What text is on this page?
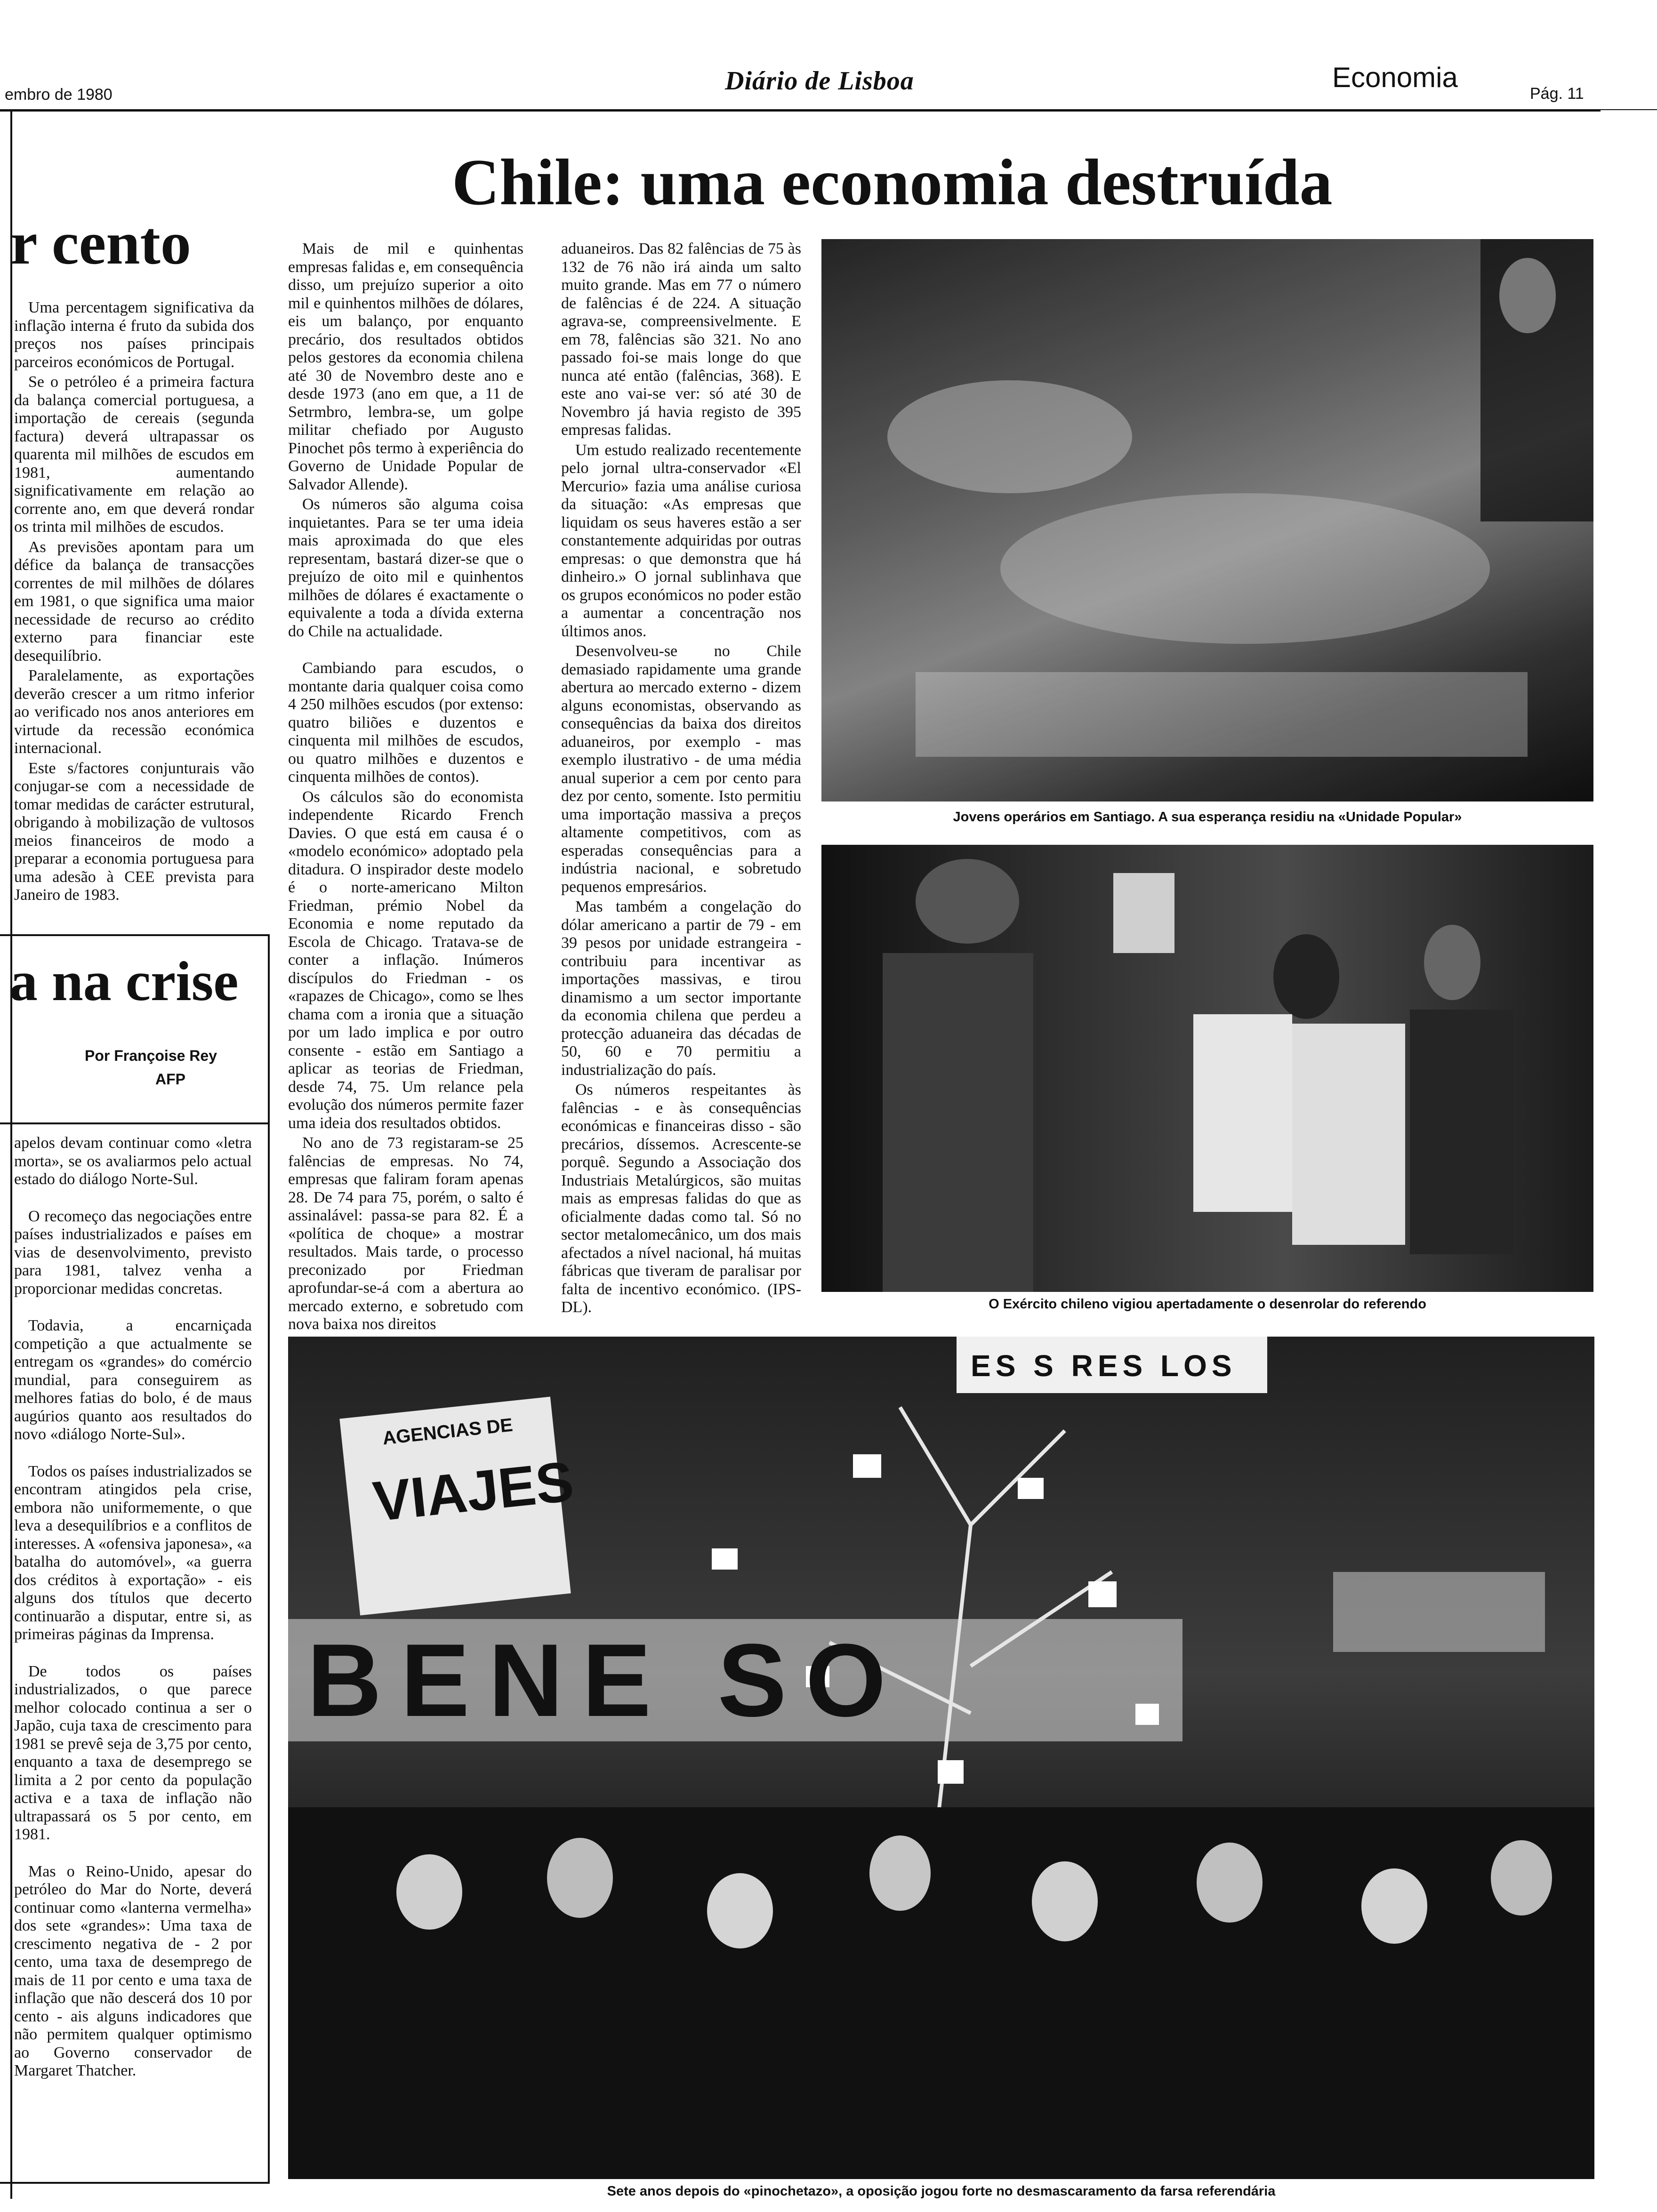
embro de 1980	Diário de Lisboa	Economia
Pág. 11
Chile: uma economia destruída
r cento

Uma percentagem significativa da inflação interna é fruto da subida dos preços nos países principais parceiros económicos de Portugal.

Se o petróleo é a primeira factura da balança comercial portuguesa, a importação de cereais (segunda factura) deverá ultrapassar os quarenta mil milhões de escudos em 1981, aumentando significativamente em relação ao corrente ano, em que deverá rondar os trinta mil milhões de escudos.

As previsões apontam para um défice da balança de transacções correntes de mil milhões de dólares em 1981, o que significa uma maior necessidade de recurso ao crédito externo para financiar este desequilíbrio.

Paralelamente, as exportações deverão crescer a um ritmo inferior ao verificado nos anos anteriores em virtude da recessão económica internacional.

Este s/factores conjunturais vão conjugar-se com a necessidade de tomar medidas de carácter estrutural, obrigando à mobilização de vultosos meios financeiros de modo a preparar a economia portuguesa para uma adesão à CEE prevista para Janeiro de 1983.

a na crise
Por Françoise Rey
AFP

apelos devam continuar como «letra morta», se os avaliarmos pelo actual estado do diálogo Norte-Sul.

O recomeço das negociações entre países industrializados e países em vias de desenvolvimento, previsto para 1981, talvez venha a proporcionar medidas concretas.

Todavia, a encarniçada competição a que actualmente se entregam os «grandes» do comércio mundial, para conseguirem as melhores fatias do bolo, é de maus augúrios quanto aos resultados do novo «diálogo Norte-Sul».

Todos os países industrializados se encontram atingidos pela crise, embora não uniformemente, o que leva a desequilíbrios e a conflitos de interesses. A «ofensiva japonesa», «a batalha do automóvel», «a guerra dos créditos à exportação» - eis alguns dos títulos que decerto continuarão a disputar, entre si, as primeiras páginas da Imprensa.

De todos os países industrializados, o que parece melhor colocado continua a ser o Japão, cuja taxa de crescimento para 1981 se prevê seja de 3,75 por cento, enquanto a taxa de desemprego se limita a 2 por cento da população activa e a taxa de inflação não ultrapassará os 5 por cento, em 1981.

Mas o Reino-Unido, apesar do petróleo do Mar do Norte, deverá continuar como «lanterna vermelha» dos sete «grandes»: Uma taxa de crescimento negativa de - 2 por cento, uma taxa de desemprego de mais de 11 por cento e uma taxa de inflação que não descerá dos 10 por cento - ais alguns indicadores que não permitem qualquer optimismo ao Governo conservador de Margaret Thatcher.

Mais de mil e quinhentas empresas falidas e, em consequência disso, um prejuízo superior a oito mil e quinhentos milhões de dólares, eis um balanço, por enquanto precário, dos resultados obtidos pelos gestores da economia chilena até 30 de Novembro deste ano e desde 1973 (ano em que, a 11 de Setrmbro, lembra-se, um golpe militar chefiado por Augusto Pinochet pôs termo à experiência do Governo de Unidade Popular de Salvador Allende).

Os números são alguma coisa inquietantes. Para se ter uma ideia mais aproximada do que eles representam, bastará dizer-se que o prejuízo de oito mil e quinhentos milhões de dólares é exactamente o equivalente a toda a dívida externa do Chile na actualidade.

Cambiando para escudos, o montante daria qualquer coisa como 4 250 milhões escudos (por extenso: quatro biliões e duzentos e cinquenta mil milhões de escudos, ou quatro milhões e duzentos e cinquenta milhões de contos).

Os cálculos são do economista independente Ricardo French Davies. O que está em causa é o «modelo económico» adoptado pela ditadura. O inspirador deste modelo é o norte-americano Milton Friedman, prémio Nobel da Economia e nome reputado da Escola de Chicago. Tratava-se de conter a inflação. Inúmeros discípulos do Friedman - os «rapazes de Chicago», como se lhes chama com a ironia que a situação por um lado implica e por outro consente - estão em Santiago a aplicar as teorias de Friedman, desde 74, 75. Um relance pela evolução dos números permite fazer uma ideia dos resultados obtidos.

No ano de 73 registaram-se 25 falências de empresas. No 74, empresas que faliram foram apenas 28. De 74 para 75, porém, o salto é assinalável: passa-se para 82. É a «política de choque» a mostrar resultados. Mais tarde, o processo preconizado por Friedman aprofundar-se-á com a abertura ao mercado externo, e sobretudo com nova baixa nos direitos

aduaneiros. Das 82 falências de 75 às 132 de 76 não irá ainda um salto muito grande. Mas em 77 o número de falências é de 224. A situação agrava-se, compreensivelmente. E em 78, falências são 321. No ano passado foi-se mais longe do que nunca até então (falências, 368). E este ano vai-se ver: só até 30 de Novembro já havia registo de 395 empresas falidas.

Um estudo realizado recentemente pelo jornal ultra-conservador «El Mercurio» fazia uma análise curiosa da situação: «As empresas que liquidam os seus haveres estão a ser constantemente adquiridas por outras empresas: o que demonstra que há dinheiro.» O jornal sublinhava que os grupos económicos no poder estão a aumentar a concentração nos últimos anos.

Desenvolveu-se no Chile demasiado rapidamente uma grande abertura ao mercado externo - dizem alguns economistas, observando as consequências da baixa dos direitos aduaneiros, por exemplo - mas exemplo ilustrativo - de uma média anual superior a cem por cento para dez por cento, somente. Isto permitiu uma importação massiva a preços altamente competitivos, com as esperadas consequências para a indústria nacional, e sobretudo pequenos empresários.

Mas também a congelação do dólar americano a partir de 79 - em 39 pesos por unidade estrangeira - contribuiu para incentivar as importações massivas, e tirou dinamismo a um sector importante da economia chilena que perdeu a protecção aduaneira das décadas de 50, 60 e 70 permitiu a industrialização do país.

Os números respeitantes às falências - e às consequências económicas e financeiras disso - são precários, díssemos. Acrescente-se porquê. Segundo a Associação dos Industriais Metalúrgicos, são muitas mais as empresas falidas do que as oficialmente dadas como tal. Só no sector metalomecânico, um dos mais afectados a nível nacional, há muitas fábricas que tiveram de paralisar por falta de incentivo económico. (IPS-DL).

Jovens operários em Santiago. A sua esperança residiu na «Unidade Popular»
O Exército chileno vigiou apertadamente o desenrolar do referendo
ES S RES LOS
AGENCIAS DE
VIAJES
BENE SO
Sete anos depois do «pinochetazo», a oposição jogou forte no desmascaramento da farsa referendária
